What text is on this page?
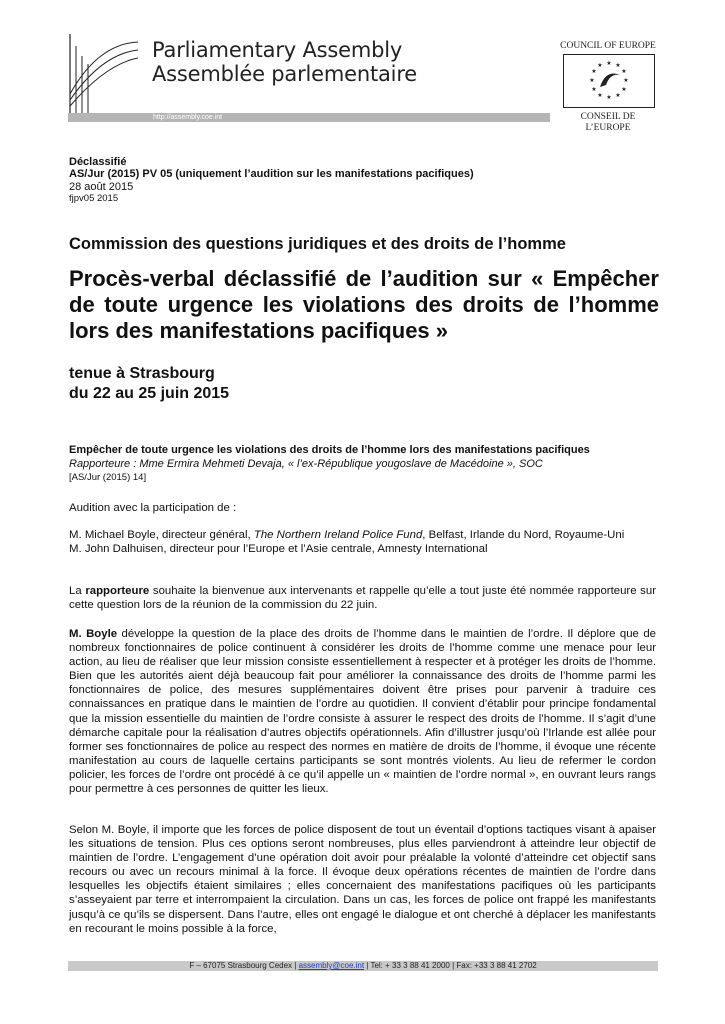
Parliamentary Assembly
Assemblée parlementaire
http://assembly.coe.int
COUNCIL OF EUROPE
★ ★
★
★
★
★
★
★
★
★
★
★
CONSEIL DE L’EUROPE
Déclassifié
AS/Jur (2015) PV 05 (uniquement l’audition sur les manifestations pacifiques)
28 août 2015
fjpv05 2015
Commission des questions juridiques et des droits de l’homme
Procès-verbal déclassifié de l’audition sur « Empêcher de toute urgence les violations des droits de l’homme lors des manifestations pacifiques »
tenue à Strasbourg
du 22 au 25 juin 2015
Empêcher de toute urgence les violations des droits de l’homme lors des manifestations pacifiques
Rapporteure : Mme Ermira Mehmeti Devaja, « l’ex-République yougoslave de Macédoine », SOC
[AS/Jur (2015) 14]
Audition avec la participation de :
M. Michael Boyle, directeur général, The Northern Ireland Police Fund, Belfast, Irlande du Nord, Royaume-Uni
M. John Dalhuisen, directeur pour l’Europe et l’Asie centrale, Amnesty International
La rapporteure souhaite la bienvenue aux intervenants et rappelle qu’elle a tout juste été nommée rapporteure sur cette question lors de la réunion de la commission du 22 juin.
M. Boyle développe la question de la place des droits de l’homme dans le maintien de l’ordre. Il déplore que de nombreux fonctionnaires de police continuent à considérer les droits de l’homme comme une menace pour leur action, au lieu de réaliser que leur mission consiste essentiellement à respecter et à protéger les droits de l’homme. Bien que les autorités aient déjà beaucoup fait pour améliorer la connaissance des droits de l’homme parmi les fonctionnaires de police, des mesures supplémentaires doivent être prises pour parvenir à traduire ces connaissances en pratique dans le maintien de l’ordre au quotidien. Il convient d’établir pour principe fondamental que la mission essentielle du maintien de l’ordre consiste à assurer le respect des droits de l’homme. Il s’agit d’une démarche capitale pour la réalisation d’autres objectifs opérationnels. Afin d’illustrer jusqu’où l’Irlande est allée pour former ses fonctionnaires de police au respect des normes en matière de droits de l’homme, il évoque une récente manifestation au cours de laquelle certains participants se sont montrés violents. Au lieu de refermer le cordon policier, les forces de l’ordre ont procédé à ce qu’il appelle un « maintien de l’ordre normal », en ouvrant leurs rangs pour permettre à ces personnes de quitter les lieux.
Selon M. Boyle, il importe que les forces de police disposent de tout un éventail d’options tactiques visant à apaiser les situations de tension. Plus ces options seront nombreuses, plus elles parviendront à atteindre leur objectif de maintien de l’ordre. L’engagement d’une opération doit avoir pour préalable la volonté d’atteindre cet objectif sans recours ou avec un recours minimal à la force. Il évoque deux opérations récentes de maintien de l’ordre dans lesquelles les objectifs étaient similaires ; elles concernaient des manifestations pacifiques où les participants s’asseyaient par terre et interrompaient la circulation. Dans un cas, les forces de police ont frappé les manifestants jusqu’à ce qu’ils se dispersent. Dans l’autre, elles ont engagé le dialogue et ont cherché à déplacer les manifestants en recourant le moins possible à la force,
F – 67075 Strasbourg Cedex | assembly@coe.int | Tel: + 33 3 88 41 2000 | Fax: +33 3 88 41 2702
